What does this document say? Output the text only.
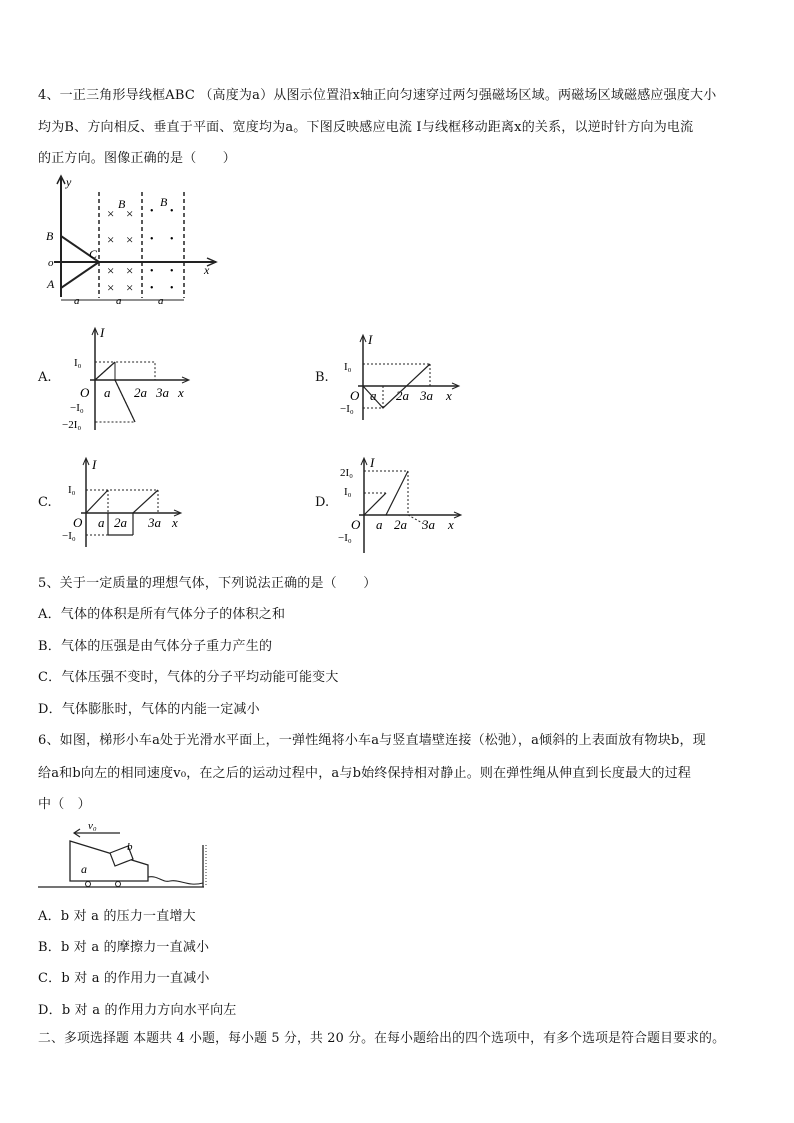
4、一正三角形导线框ABC （高度为a）从图示位置沿x轴正向匀速穿过两匀强磁场区域。两磁场区域磁感应强度大小
均为B、方向相反、垂直于平面、宽度均为a。下图反映感应电流 I与线框移动距离x的关系，以逆时针方向为电流
的正方向。图像正确的是（　　）
y
x
o
B
A
C
B	B
× ×
× ×
× ×
× ×
• •
• •
• •
• •
a	a	a
A.
I
x
O
I₀
−I₀
−2I₀
a 2a 3a
B.
I
x
O
I₀
−I₀
a 2a 3a
C.
I
x
O
I₀
−I₀
a 2a 3a
D.
I
x
O
2I₀
I₀
−I₀
a 2a 3a
5、关于一定质量的理想气体，下列说法正确的是（　　）
A．气体的体积是所有气体分子的体积之和
B．气体的压强是由气体分子重力产生的
C．气体压强不变时，气体的分子平均动能可能变大
D．气体膨胀时，气体的内能一定减小
6、如图，梯形小车a处于光滑水平面上，一弹性绳将小车a与竖直墙壁连接（松弛），a倾斜的上表面放有物块b，现
给a和b向左的相同速度v₀，在之后的运动过程中，a与b始终保持相对静止。则在弹性绳从伸直到长度最大的过程
中（　）
v₀
b
a
A．b 对 a 的压力一直增大
B．b 对 a 的摩擦力一直减小
C．b 对 a 的作用力一直减小
D．b 对 a 的作用力方向水平向左
二、多项选择题 本题共 4 小题，每小题 5 分，共 20 分。在每小题给出的四个选项中，有多个选项是符合题目要求的。
